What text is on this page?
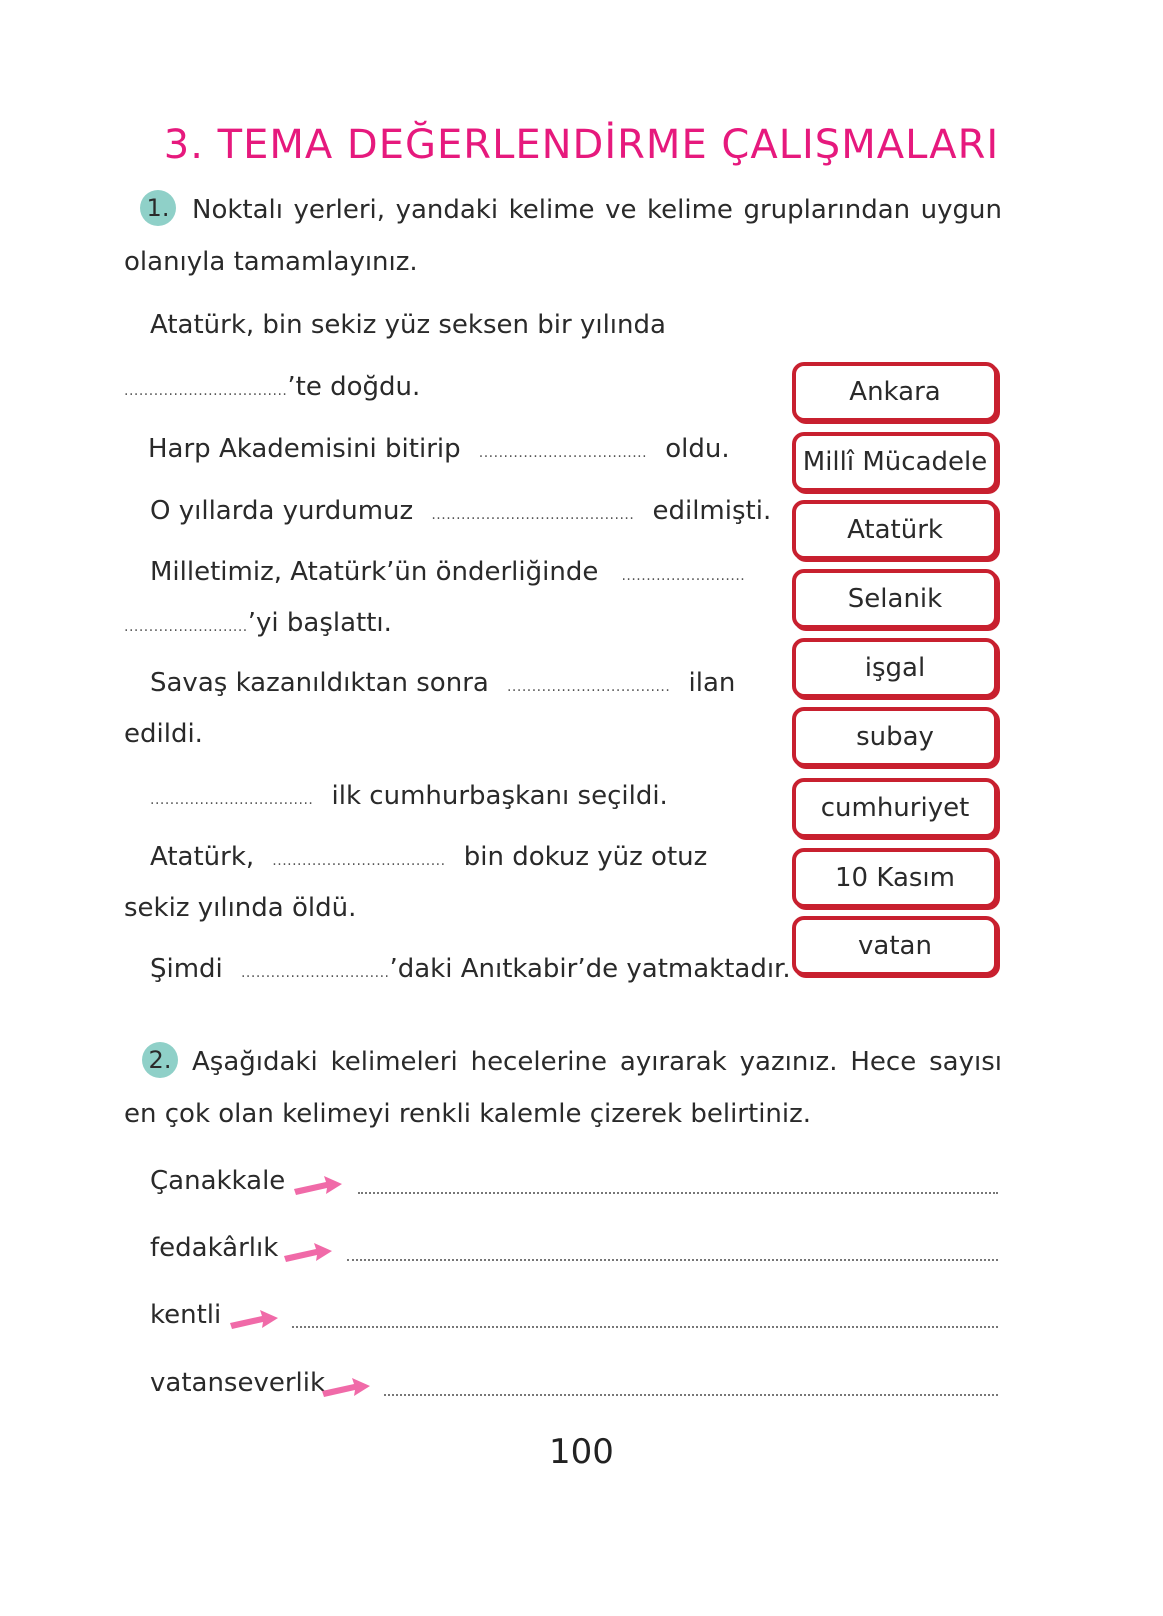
3. TEMA DEĞERLENDİRME ÇALIŞMALARI
1. Noktalı yerleri, yandaki kelime ve kelime gruplarından uygun olanıyla tamamlayınız.
Atatürk, bin sekiz yüz seksen bir yılında
.................................’te doğdu.
Harp Akademisini bitirip   ..................................   oldu.
O yıllarda yurdumuz   .........................................   edilmişti.
Milletimiz, Atatürk’ün önderliğinde    .........................
.........................’yi başlattı.
Savaş kazanıldıktan sonra   .................................   ilan
edildi.
.................................   ilk cumhurbaşkanı seçildi.
Atatürk,   ...................................   bin dokuz yüz otuz
sekiz yılında öldü.
Şimdi   ..............................’daki Anıtkabir’de yatmaktadır.
Ankara
Millî Mücadele
Atatürk
Selanik
işgal
subay
cumhuriyet
10 Kasım
vatan
2. Aşağıdaki kelimeleri hecelerine ayırarak yazınız. Hece sayısı en çok olan kelimeyi renkli kalemle çizerek belirtiniz.
Çanakkale
fedakârlık
kentli
vatanseverlik
100
